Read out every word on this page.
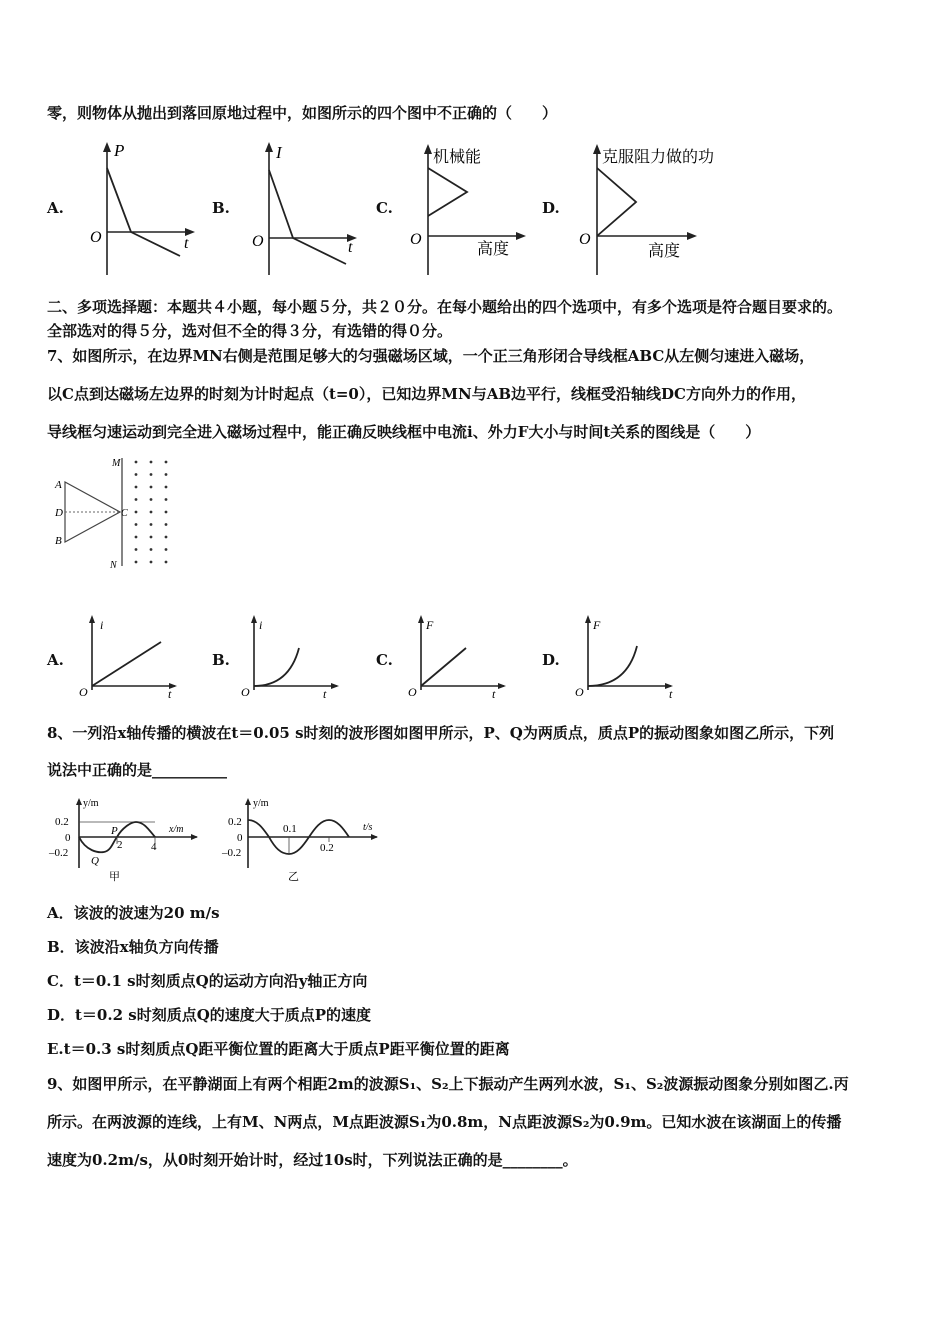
零，则物体从抛出到落回原地过程中，如图所示的四个图中不正确的（　　）
A.
P
t
O
B.
I
t
O
C.
机械能
高度
O
D.
克服阻力做的功
高度
O
二、多项选择题：本题共４小题，每小题５分，共２０分。在每小题给出的四个选项中，有多个选项是符合题目要求的。
全部选对的得５分，选对但不全的得３分，有选错的得０分。
7、如图所示，在边界MN右侧是范围足够大的匀强磁场区域，一个正三角形闭合导线框ABC从左侧匀速进入磁场，
以C点到达磁场左边界的时刻为计时起点（t=0），已知边界MN与AB边平行，线框受沿轴线DC方向外力的作用，
导线框匀速运动到完全进入磁场过程中，能正确反映线框中电流i、外力F大小与时间t关系的图线是（　　）
A
D
B
C
M
N
A.
i
t
O
B.
i
t
O
C.
F
t
O
D.
F
t
O
8、一列沿x轴传播的横波在t＝0.05 s时刻的波形图如图甲所示，P、Q为两质点，质点P的振动图象如图乙所示，下列
说法中正确的是__________
y/m
x/m
0.2
0
–0.2
2	4
P
Q
甲
y/m
t/s
0.2
0
–0.2
0.1
0.2
乙
A．该波的波速为20 m/s
B．该波沿x轴负方向传播
C．t＝0.1 s时刻质点Q的运动方向沿y轴正方向
D．t＝0.2 s时刻质点Q的速度大于质点P的速度
E.t＝0.3 s时刻质点Q距平衡位置的距离大于质点P距平衡位置的距离
9、如图甲所示，在平静湖面上有两个相距2m的波源S₁、S₂上下振动产生两列水波，S₁、S₂波源振动图象分别如图乙.丙
所示。在两波源的连线，上有M、N两点，M点距波源S₁为0.8m，N点距波源S₂为0.9m。已知水波在该湖面上的传播
速度为0.2m/s，从0时刻开始计时，经过10s时，下列说法正确的是________。
